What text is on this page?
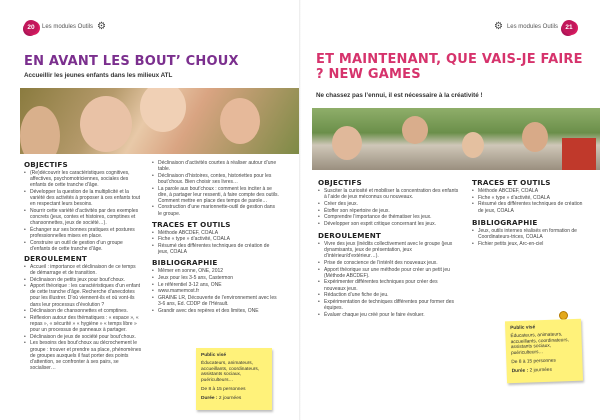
20 Les modules Outils ⚙
EN AVANT LES BOUT’ CHOUX
Accueillir les jeunes enfants dans les milieux ATL
OBJECTIFS
• (Re)découvrir les caractéristiques cognitives, affectives, psychomotriciennes, sociales des enfants de cette tranche d’âge.
• Développer la question de la multiplicité et la variété des activités à proposer à ces enfants tout en respectant leurs besoins.
• Nourrir cette variété d’activités par des exemples concrets (jeux, contes et histoires, comptines et chansonnettes, jeux de société…).
• Échanger sur ses bonnes pratiques et postures professionnelles mises en place.
• Construire un outil de gestion d’un groupe d’enfants de cette tranche d’âge.
DEROULEMENT
• Accueil : importance et déclinaison de ce temps de démarrage et de transition.
• Déclinaison de petits jeux pour bout’choux.
• Apport théorique : les caractéristiques d’un enfant de cette tranche d’âge. Recherche d’anecdotes pour les illustrer. D’où viennent-ils et où vont-ils dans leur processus d’évolution ?
• Déclinaison de chansonnettes et comptines.
• Réflexion autour des thématiques : « espace », « repas », « sécurité » « hygiène » « temps libre » pour un processus de panneaux à partager.
• Déclinaison de jeux de société pour bout’choux.
• Les besoins des bout’choux au décrochement le groupe : trouver et prendre sa place, phénomènes de groupes auxquels il faut porter des points d’attention, se confronter à ses pairs, se socialiser…
• Déclinaison d’activités courtes à réaliser autour d’une table.
• Déclinaison d’histoires, contes, historiettes pour les bout’choux. Bien choisir ses livres…
• La parole aux bout’choux : comment les inciter à se dire, à partager leur ressenti, à faire compte des outils. Comment mettre en place des temps de parole…
• Construction d’une marionnette-outil de gestion dans le groupe.
TRACES ET OUTILS
• Méthode ABCDEF, COALA
• Fiche « type » d’activité, COALA
• Résumé des différentes techniques de création de jeux, COALA
BIBLIOGRAPHIE
• Mêmer en sonne, ONE, 2012
• Jeux pour les 3-5 ans, Castermon
• Le référentiel 3-12 ans, ONE
• www.mamemost.fr
• GRAINE LR, Découverte de l’environnement avec les 3-6 ans, Ed. CDDP de l’Hérault.
• Grandir avec des repères et des limites, ONE
Public visé
Éducateurs, animateurs, accueillants, coordinateurs, assistants sociaux, puériculteurs…
De 8 à 15 personnes
Durée : 2 journées
⚙ Les modules Outils 21
ET MAINTENANT, QUE VAIS-JE FAIRE ? NEW GAMES
Ne chassez pas l’ennui, il est nécessaire à la créativité !
OBJECTIFS
• Susciter la curiosité et mobiliser la concentration des enfants à l’aide de jeux méconnus ou nouveaux.
• Créer des jeux.
• Étoffer son répertoire de jeux.
• Comprendre l’importance de thématiser les jeux.
• Développer son esprit critique concernant les jeux.
DEROULEMENT
• Vivre des jeux (inédits collectivement avec le groupe (jeux dynamisants, jeux de présentation, jeux d’intérieur/d’extérieur…).
• Prise de conscience de l’intérêt des nouveaux jeux.
• Apport théorique sur une méthode pour créer un petit jeu (Méthode ABCDEF).
• Expérimenter différentes techniques pour créer des nouveaux jeux.
• Rédaction d’une fiche de jeu.
• Expérimentation de techniques différentes pour former des équipes.
• Évaluer chaque jeu créé pour le faire évoluer.
TRACES ET OUTILS
• Méthode ABCDEF, COALA
• Fiche « type » d’activité, COALA
• Résumé des différentes techniques de création de jeux, COALA
BIBLIOGRAPHIE
• Jeux, outils internes réalisés en formation de Coordinateurs-trices, COALA
• Fichier petits jeux, Arc-en-ciel
Public visé
Éducateurs, animateurs, accueillants, coordinateurs, assistants sociaux, puériculteurs…
De 8 à 15 personnes
Durée : 2 journées
